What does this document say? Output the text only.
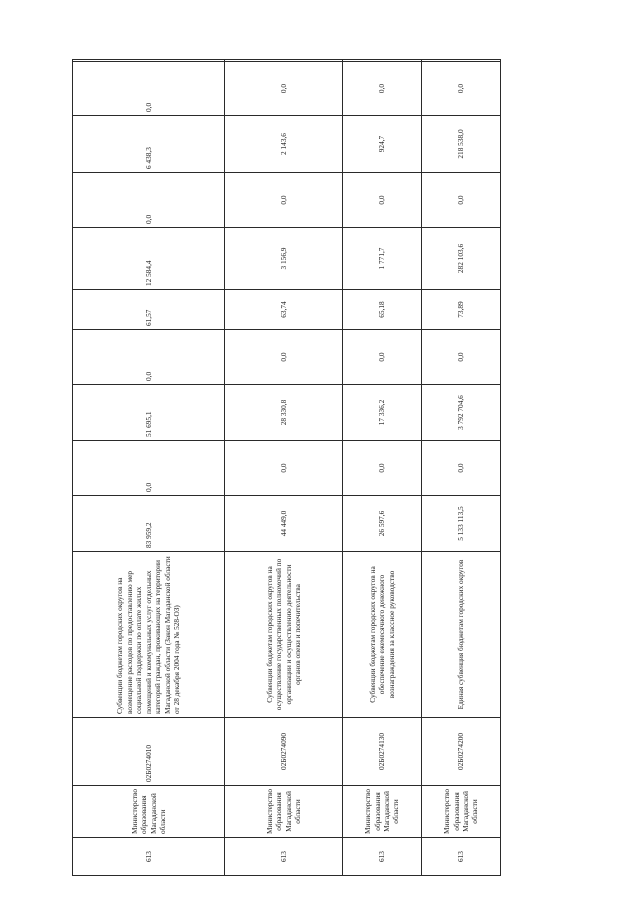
613	Министерство образования Магаданской области	02Б0274010	Субвенции бюджетам городских округов на возмещение расходов по предоставлению мер социальной поддержки по оплате жилых помещений и коммунальных услуг отдельных категорий граждан, проживающих на территории Магаданской области (Закон Магаданской области от 28 декабря 2004 года № 528-ОЗ)	83 959,2	0,0	51 695,1	0,0	61,57	12 584,4	0,0	6 438,3	0,0	
613	Министерство образования Магаданской области	02Б0274090	Субвенции бюджетам городских округов на осуществление государственных полномочий по организации и осуществлению деятельности органов опеки и попечительства	44 449,0	0,0	28 330,8	0,0	63,74	3 156,9	0,0	2 143,6	0,0	
613	Министерство образования Магаданской области	02Б0274130	Субвенции бюджетам городских округов на обеспечение ежемесячного денежного вознаграждения за классное руководство	26 597,6	0,0	17 336,2	0,0	65,18	1 771,7	0,0	924,7	0,0	
613	Министерство образования Магаданской области	02Б0274200	Единая субвенция бюджетам городских округов	5 133 113,5	0,0	3 792 704,6	0,0	73,89	282 103,6	0,0	218 538,0	0,0	
